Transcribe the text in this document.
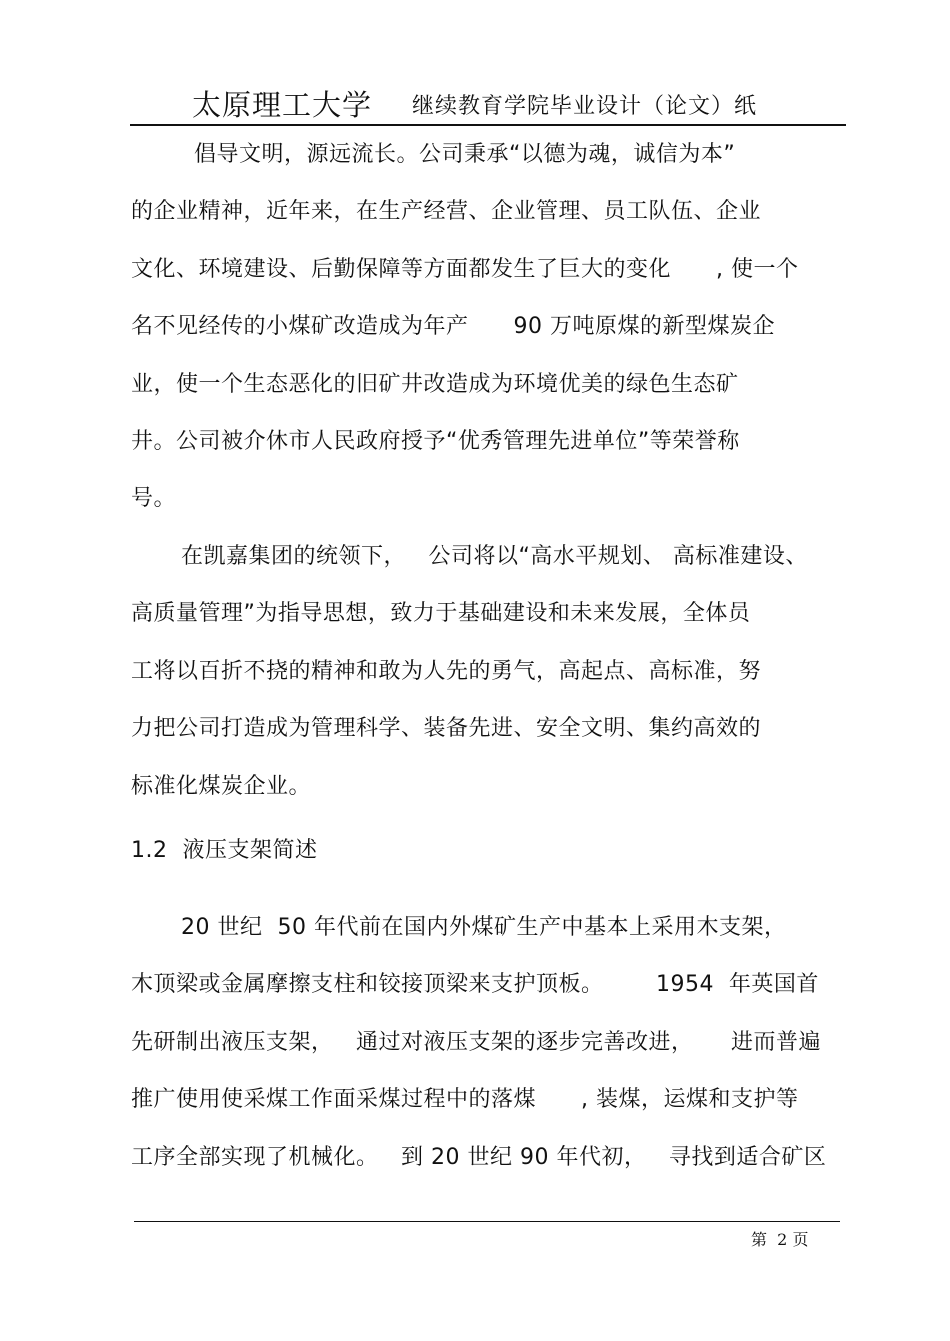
太原理工大学 继续教育学院毕业设计（论文）纸
倡导文明，源远流长。公司秉承“以德为魂，诚信为本”
的企业精神，近年来，在生产经营、企业管理、员工队伍、企业
文化、环境建设、后勤保障等方面都发生了巨大的变化      , 使一个
名不见经传的小煤矿改造成为年产      90 万吨原煤的新型煤炭企
业，使一个生态恶化的旧矿井改造成为环境优美的绿色生态矿
井。公司被介休市人民政府授予“优秀管理先进单位”等荣誉称
号。
在凯嘉集团的统领下，   公司将以“高水平规划、 高标准建设、
高质量管理”为指导思想，致力于基础建设和未来发展，全体员
工将以百折不挠的精神和敢为人先的勇气，高起点、高标准，努
力把公司打造成为管理科学、装备先进、安全文明、集约高效的
标准化煤炭企业。
1.2  液压支架简述
20 世纪  50 年代前在国内外煤矿生产中基本上采用木支架，
木顶梁或金属摩擦支柱和铰接顶梁来支护顶板。       1954  年英国首
先研制出液压支架，   通过对液压支架的逐步完善改进，     进而普遍
推广使用使采煤工作面采煤过程中的落煤      , 装煤，运煤和支护等
工序全部实现了机械化。   到 20 世纪 90 年代初，   寻找到适合矿区
第  2 页
